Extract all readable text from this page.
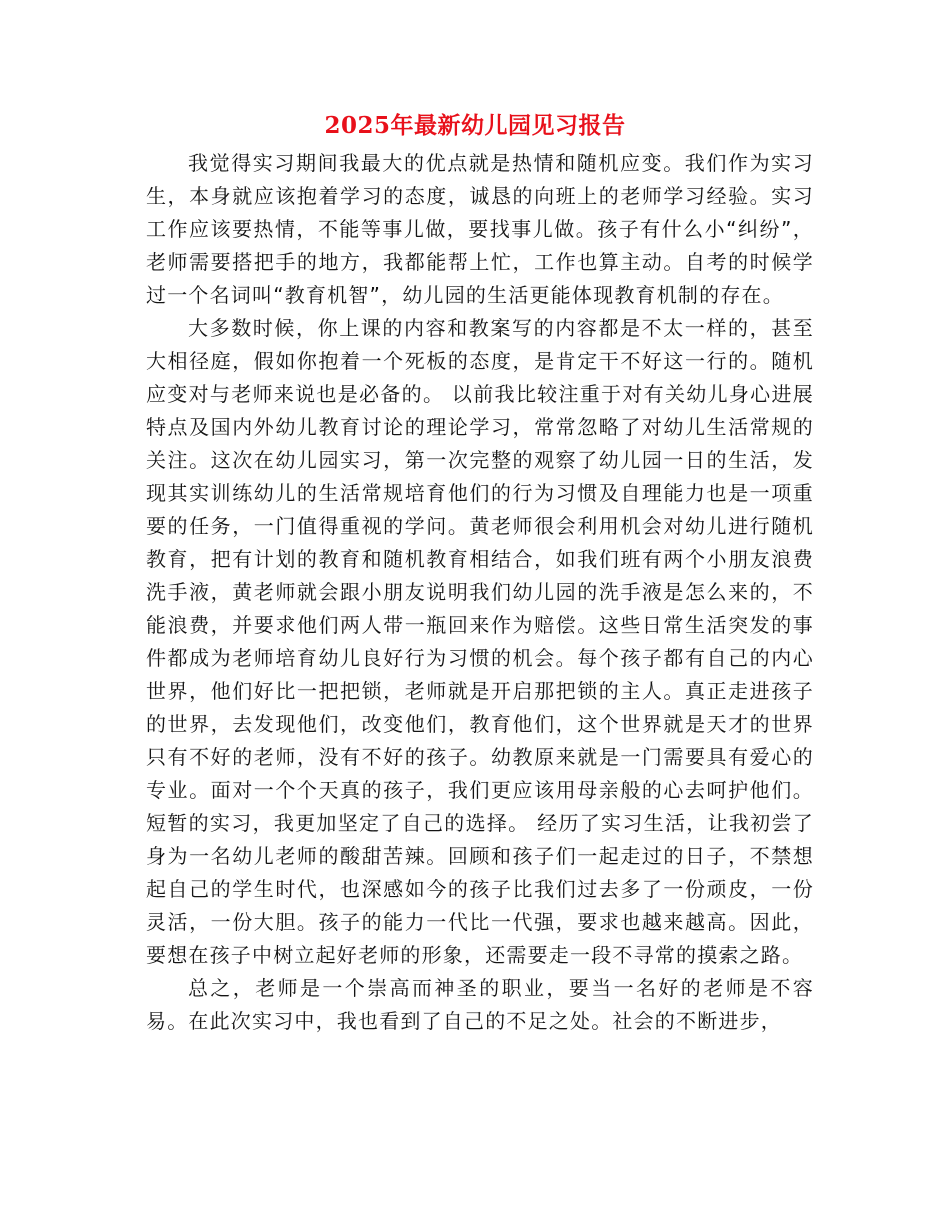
2025年最新幼儿园见习报告

我觉得实习期间我最大的优点就是热情和随机应变。我们作为实习生，本身就应该抱着学习的态度，诚恳的向班上的老师学习经验。实习工作应该要热情，不能等事儿做，要找事儿做。孩子有什么小“纠纷”，老师需要搭把手的地方，我都能帮上忙，工作也算主动。自考的时候学过一个名词叫“教育机智”，幼儿园的生活更能体现教育机制的存在。

大多数时候，你上课的内容和教案写的内容都是不太一样的，甚至大相径庭，假如你抱着一个死板的态度，是肯定干不好这一行的。随机应变对与老师来说也是必备的。 以前我比较注重于对有关幼儿身心进展特点及国内外幼儿教育讨论的理论学习，常常忽略了对幼儿生活常规的关注。这次在幼儿园实习，第一次完整的观察了幼儿园一日的生活，发现其实训练幼儿的生活常规培育他们的行为习惯及自理能力也是一项重要的任务，一门值得重视的学问。黄老师很会利用机会对幼儿进行随机教育，把有计划的教育和随机教育相结合，如我们班有两个小朋友浪费洗手液，黄老师就会跟小朋友说明我们幼儿园的洗手液是怎么来的，不能浪费，并要求他们两人带一瓶回来作为赔偿。这些日常生活突发的事件都成为老师培育幼儿良好行为习惯的机会。每个孩子都有自己的内心世界，他们好比一把把锁，老师就是开启那把锁的主人。真正走进孩子的世界，去发现他们，改变他们，教育他们，这个世界就是天才的世界只有不好的老师，没有不好的孩子。幼教原来就是一门需要具有爱心的专业。面对一个个天真的孩子，我们更应该用母亲般的心去呵护他们。短暂的实习，我更加坚定了自己的选择。 经历了实习生活，让我初尝了身为一名幼儿老师的酸甜苦辣。回顾和孩子们一起走过的日子，不禁想起自己的学生时代，也深感如今的孩子比我们过去多了一份顽皮，一份灵活，一份大胆。孩子的能力一代比一代强，要求也越来越高。因此，要想在孩子中树立起好老师的形象，还需要走一段不寻常的摸索之路。

总之，老师是一个崇高而神圣的职业，要当一名好的老师是不容易。在此次实习中，我也看到了自己的不足之处。社会的不断进步，
